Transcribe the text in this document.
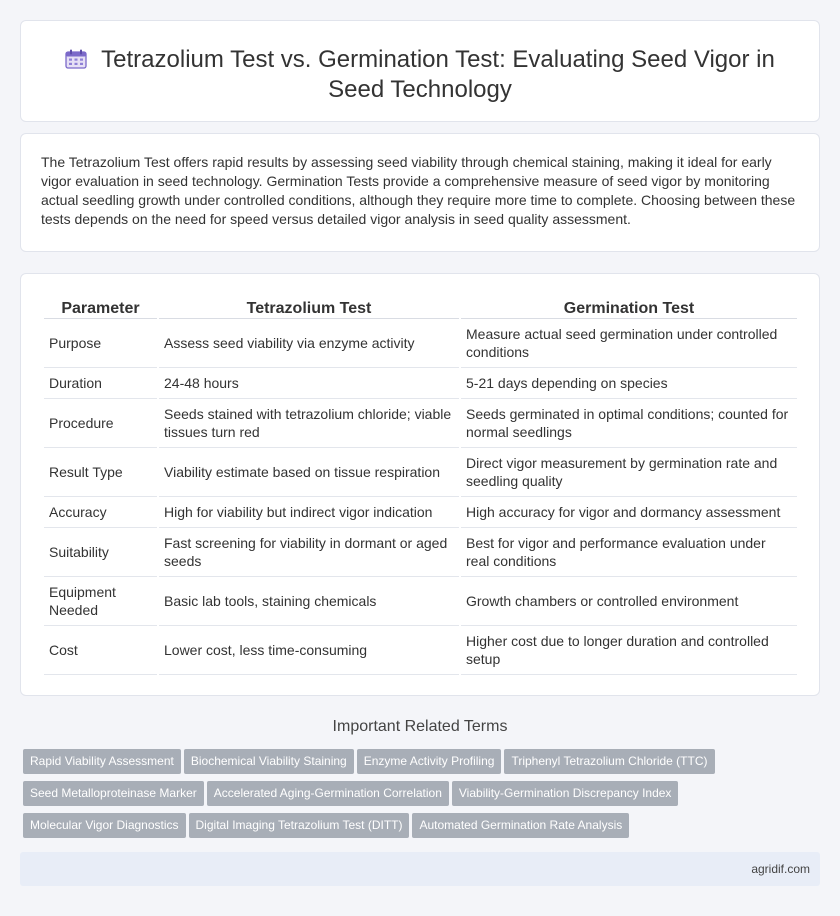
Tetrazolium Test vs. Germination Test: Evaluating Seed Vigor in
Seed Technology

The Tetrazolium Test offers rapid results by assessing seed viability through chemical staining, making it ideal for early vigor evaluation in seed technology. Germination Tests provide a comprehensive measure of seed vigor by monitoring actual seedling growth under controlled conditions, although they require more time to complete. Choosing between these tests depends on the need for speed versus detailed vigor analysis in seed quality assessment.

Parameter	Tetrazolium Test	Germination Test
Purpose	Assess seed viability via enzyme activity	Measure actual seed germination under controlled conditions
Duration	24-48 hours	5-21 days depending on species
Procedure	Seeds stained with tetrazolium chloride; viable tissues turn red	Seeds germinated in optimal conditions; counted for normal seedlings
Result Type	Viability estimate based on tissue respiration	Direct vigor measurement by germination rate and seedling quality
Accuracy	High for viability but indirect vigor indication	High accuracy for vigor and dormancy assessment
Suitability	Fast screening for viability in dormant or aged seeds	Best for vigor and performance evaluation under real conditions
Equipment Needed	Basic lab tools, staining chemicals	Growth chambers or controlled environment
Cost	Lower cost, less time-consuming	Higher cost due to longer duration and controlled setup
Important Related Terms
Rapid Viability Assessment Biochemical Viability Staining Enzyme Activity Profiling Triphenyl Tetrazolium Chloride (TTC)
Seed Metalloproteinase Marker Accelerated Aging-Germination Correlation Viability-Germination Discrepancy Index
Molecular Vigor Diagnostics Digital Imaging Tetrazolium Test (DITT) Automated Germination Rate Analysis
agridif.com
